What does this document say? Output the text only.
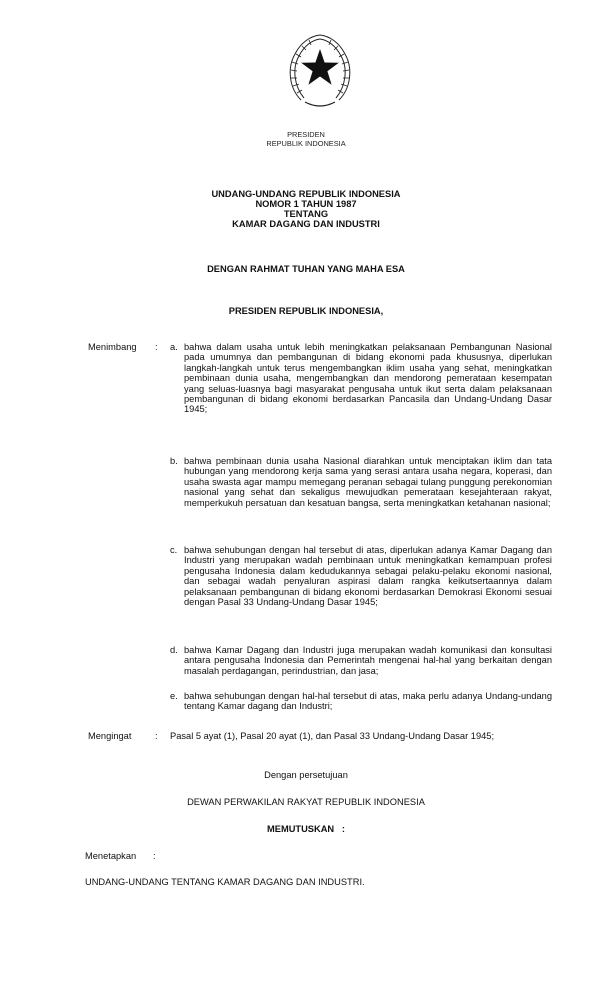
PRESIDEN
REPUBLIK INDONESIA
UNDANG-UNDANG REPUBLIK INDONESIA
NOMOR 1 TAHUN 1987
TENTANG
KAMAR DAGANG DAN INDUSTRI
DENGAN RAHMAT TUHAN YANG MAHA ESA
PRESIDEN REPUBLIK INDONESIA,
Menimbang : a. bahwa dalam usaha untuk lebih meningkatkan pelaksanaan Pembangunan Nasional pada umumnya dan pembangunan di bidang ekonomi pada khususnya, diperlukan langkah-langkah untuk terus mengembangkan iklim usaha yang sehat, meningkatkan pembinaan dunia usaha, mengembangkan dan mendorong pemerataan kesempatan yang seluas-luasnya bagi masyarakat pengusaha untuk ikut serta dalam pelaksanaan pembangunan di bidang ekonomi berdasarkan Pancasila dan Undang-Undang Dasar 1945;
b. bahwa pembinaan dunia usaha Nasional diarahkan untuk menciptakan iklim dan tata hubungan yang mendorong kerja sama yang serasi antara usaha negara, koperasi, dan usaha swasta agar mampu memegang peranan sebagai tulang punggung perekonomian nasional yang sehat dan sekaligus mewujudkan pemerataan kesejahteraan rakyat, memperkukuh persatuan dan kesatuan bangsa, serta meningkatkan ketahanan nasional;
c. bahwa sehubungan dengan hal tersebut di atas, diperlukan adanya Kamar Dagang dan Industri yang merupakan wadah pembinaan untuk meningkatkan kemampuan profesi pengusaha Indonesia dalam kedudukannya sebagai pelaku-pelaku ekonomi nasional, dan sebagai wadah penyaluran aspirasi dalam rangka keikutsertaannya dalam pelaksanaan pembangunan di bidang ekonomi berdasarkan Demokrasi Ekonomi sesuai dengan Pasal 33 Undang-Undang Dasar 1945;
d. bahwa Kamar Dagang dan Industri juga merupakan wadah komunikasi dan konsultasi antara pengusaha Indonesia dan Pemerintah mengenai hal-hal yang berkaitan dengan masalah perdagangan, perindustrian, dan jasa;
e. bahwa sehubungan dengan hal-hal tersebut di atas, maka perlu adanya Undang-undang tentang Kamar dagang dan Industri;
Mengingat	: Pasal 5 ayat (1), Pasal 20 ayat (1), dan Pasal 33 Undang-Undang Dasar 1945;
Dengan persetujuan
DEWAN PERWAKILAN RAKYAT REPUBLIK INDONESIA
MEMUTUSKAN   :
Menetapkan :
UNDANG-UNDANG TENTANG KAMAR DAGANG DAN INDUSTRI.
